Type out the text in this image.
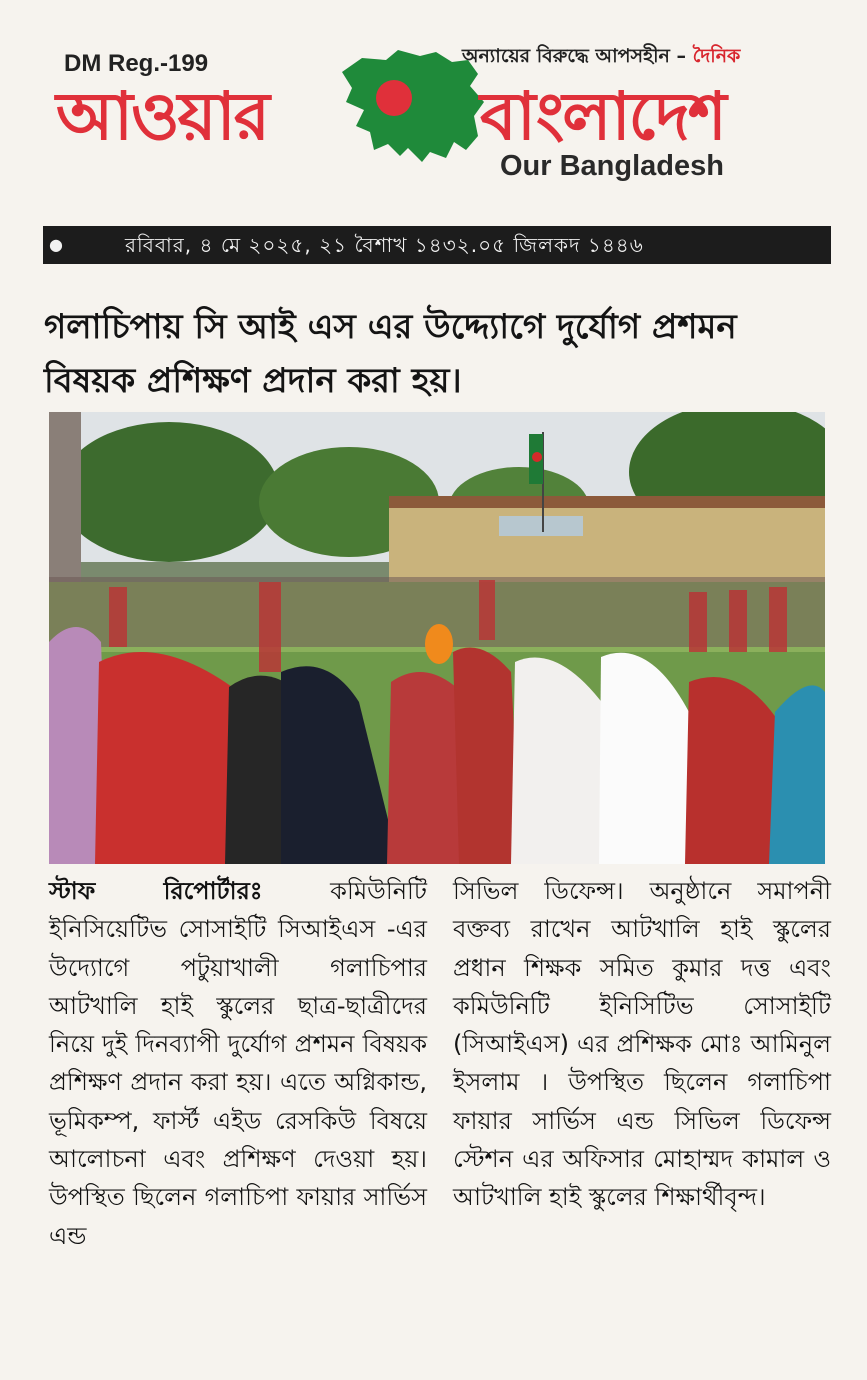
DM Reg.-199	অন্যায়ের বিরুদ্ধে আপসহীন – দৈনিক
আওয়ার	বাংলাদেশ
Our Bangladesh
●	রবিবার, ৪ মে ২০২৫, ২১ বৈশাখ ১৪৩২.০৫ জিলকদ ১৪৪৬
গলাচিপায় সি আই এস এর উদ্দ্যোগে দুর্যোগ প্রশমন বিষয়ক প্রশিক্ষণ প্রদান করা হয়।
স্টাফ রিপোর্টারঃ কমিউনিটি ইনিসিয়েটিভ সোসাইটি সিআইএস -এর উদ্যোগে পটুয়াখালী গলাচিপার আটখালি হাই স্কুলের ছাত্র-ছাত্রীদের নিয়ে দুই দিনব্যাপী দুর্যোগ প্রশমন বিষয়ক প্রশিক্ষণ প্রদান করা হয়। এতে অগ্নিকান্ড, ভূমিকম্প, ফার্স্ট এইড রেসকিউ বিষয়ে আলোচনা এবং প্রশিক্ষণ দেওয়া হয়। উপস্থিত ছিলেন গলাচিপা ফায়ার সার্ভিস এন্ড
সিভিল ডিফেন্স। অনুষ্ঠানে সমাপনী বক্তব্য রাখেন আটখালি হাই স্কুলের প্রধান শিক্ষক সমিত কুমার দত্ত এবং কমিউনিটি ইনিসিটিভ সোসাইটি (সিআইএস) এর প্রশিক্ষক মোঃ আমিনুল ইসলাম । উপস্থিত ছিলেন গলাচিপা ফায়ার সার্ভিস এন্ড সিভিল ডিফেন্স স্টেশন এর অফিসার মোহাম্মদ কামাল ও আটখালি হাই স্কুলের শিক্ষার্থীবৃন্দ।
